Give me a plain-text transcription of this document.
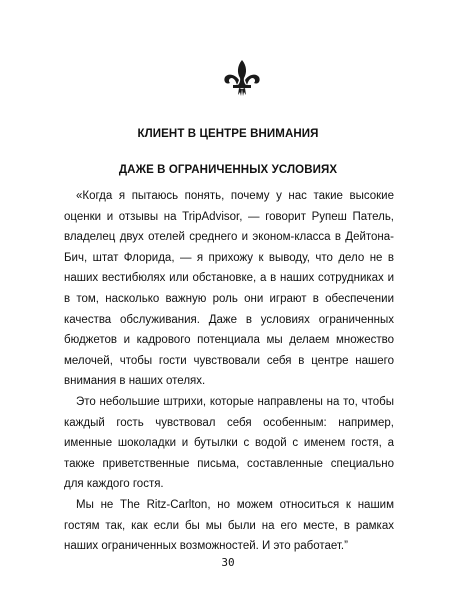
КЛИЕНТ В ЦЕНТРЕ ВНИМАНИЯ
ДАЖЕ В ОГРАНИЧЕННЫХ УСЛОВИЯХ

«Когда я пытаюсь понять, почему у нас такие высокие оценки и отзывы на TripAdvisor, — говорит Рупеш Патель, владелец двух отелей среднего и эконом-класса в Дейтона-Бич, штат Флорида, — я прихожу к выводу, что дело не в наших вестибюлях или обстановке, а в наших сотрудниках и в том, насколько важную роль они играют в обеспечении качества обслуживания. Даже в условиях ограниченных бюджетов и кадрового потенциала мы делаем множество мелочей, чтобы гости чувствовали себя в центре нашего внимания в наших отелях.

Это небольшие штрихи, которые направлены на то, чтобы каждый гость чувствовал себя особенным: например, именные шоколадки и бутылки с водой с именем гостя, а также приветственные письма, составленные специально для каждого гостя.

Мы не The Ritz-Carlton, но можем относиться к нашим гостям так, как если бы мы были на его месте, в рамках наших ограниченных возможностей. И это работает.”

30
